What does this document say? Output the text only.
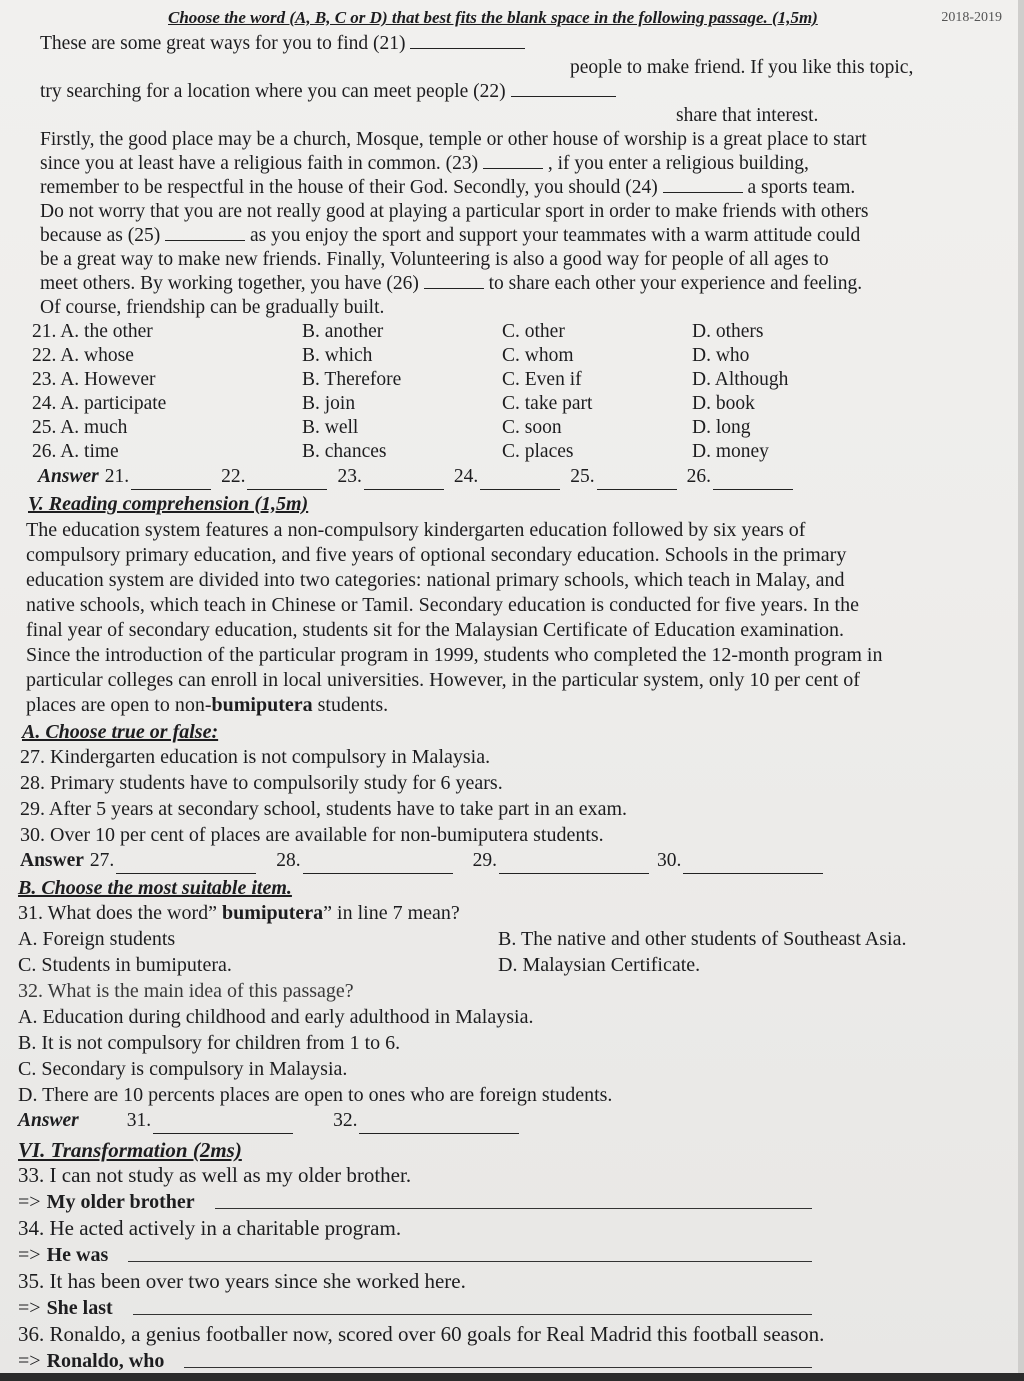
Choose the word (A, B, C or D) that best fits the blank space in the following passage. (1,5m)	2018-2019
These are some great ways for you to find (21)
people to make friend. If you like this topic,
try searching for a location where you can meet people (22)
share that interest.
Firstly, the good place may be a church, Mosque, temple or other house of worship is a great place to start
since you at least have a religious faith in common. (23)	, if you enter a religious building,
remember to be respectful in the house of their God. Secondly, you should (24)	a sports team.
Do not worry that you are not really good at playing a particular sport in order to make friends with others
because as (25)	as you enjoy the sport and support your teammates with a warm attitude could
be a great way to make new friends. Finally, Volunteering is also a good way for people of all ages to
meet others. By working together, you have (26)	to share each other your experience and feeling.
Of course, friendship can be gradually built.
21. A. the other	B. another	C. other	D. others
22. A. whose	B. which	C. whom	D. who
23. A. However	B. Therefore	C. Even if	D. Although
24. A. participate	B. join	C. take part	D. book
25. A. much	B. well	C. soon	D. long
26. A. time	B. chances	C. places	D. money
Answer 21.	22.	23.	24.	25.	26.
V. Reading comprehension (1,5m)

The education system features a non-compulsory kindergarten education followed by six years of

compulsory primary education, and five years of optional secondary education. Schools in the primary

education system are divided into two categories: national primary schools, which teach in Malay, and

native schools, which teach in Chinese or Tamil. Secondary education is conducted for five years. In the

final year of secondary education, students sit for the Malaysian Certificate of Education examination.

Since the introduction of the particular program in 1999, students who completed the 12-month program in

particular colleges can enroll in local universities. However, in the particular system, only 10 per cent of

places are open to non-bumiputera students.

A. Choose true or false:
27. Kindergarten education is not compulsory in Malaysia.
28. Primary students have to compulsorily study for 6 years.
29. After 5 years at secondary school, students have to take part in an exam.
30. Over 10 per cent of places are available for non-bumiputera students.
Answer 27.	28.	29.	30.
B. Choose the most suitable item.
31. What does the word” bumiputera” in line 7 mean?
A. Foreign students	B. The native and other students of Southeast Asia.
C. Students in bumiputera.	D. Malaysian Certificate.
32. What is the main idea of this passage?
A. Education during childhood and early adulthood in Malaysia.
B. It is not compulsory for children from 1 to 6.
C. Secondary is compulsory in Malaysia.
D. There are 10 percents places are open to ones who are foreign students.
Answer 31.	32.
VI. Transformation (2ms)
33. I can not study as well as my older brother.
=> My older brother
34. He acted actively in a charitable program.
=> He was
35. It has been over two years since she worked here.
=> She last
36. Ronaldo, a genius footballer now, scored over 60 goals for Real Madrid this football season.
=> Ronaldo, who
